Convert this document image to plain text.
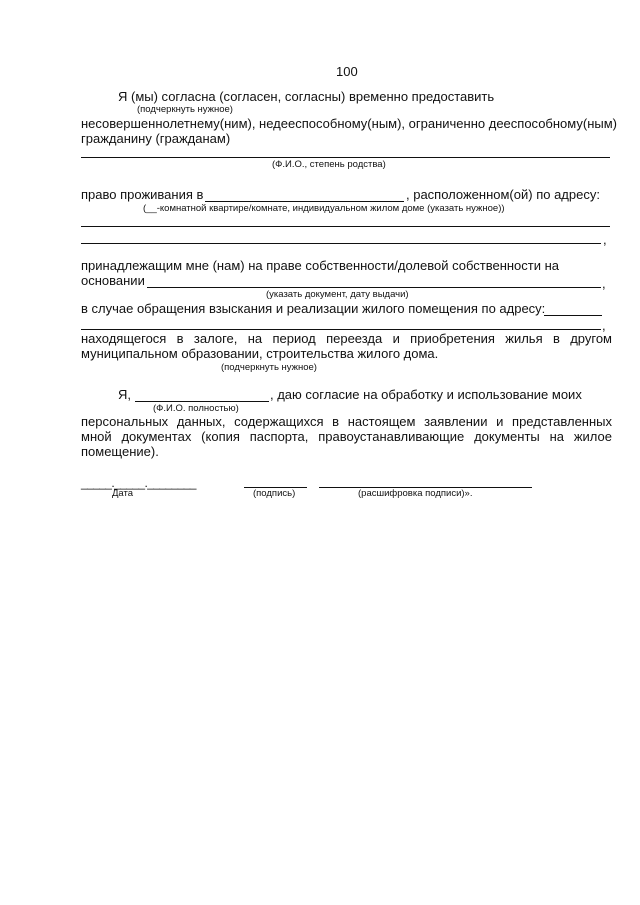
100
Я (мы) согласна (согласен, согласны) временно предоставить
(подчеркнуть нужное)
несовершеннолетнему(ним), недееспособному(ным), ограниченно дееспособному(ным)
гражданину (гражданам)
(Ф.И.О., степень родства)
право проживания в	, расположенном(ой) по адресу:
(__-комнатной квартире/комнате, индивидуальном жилом доме (указать нужное))
,
принадлежащим мне (нам) на праве собственности/долевой собственности на
основании	,
(указать документ, дату выдачи)
в случае обращения взыскания и реализации жилого помещения по адресу:
,
находящегося в залоге, на период переезда и приобретения жилья в другом
муниципальном образовании, строительства жилого дома.
(подчеркнуть нужное)
Я,	, даю согласие на обработку и использование моих
(Ф.И.О. полностью)
персональных данных, содержащихся в настоящем заявлении и представленных
мной документах (копия паспорта, правоустанавливающие документы на жилое
помещение).
_____._____.________
Дата	(подпись)	(расшифровка подписи)».
